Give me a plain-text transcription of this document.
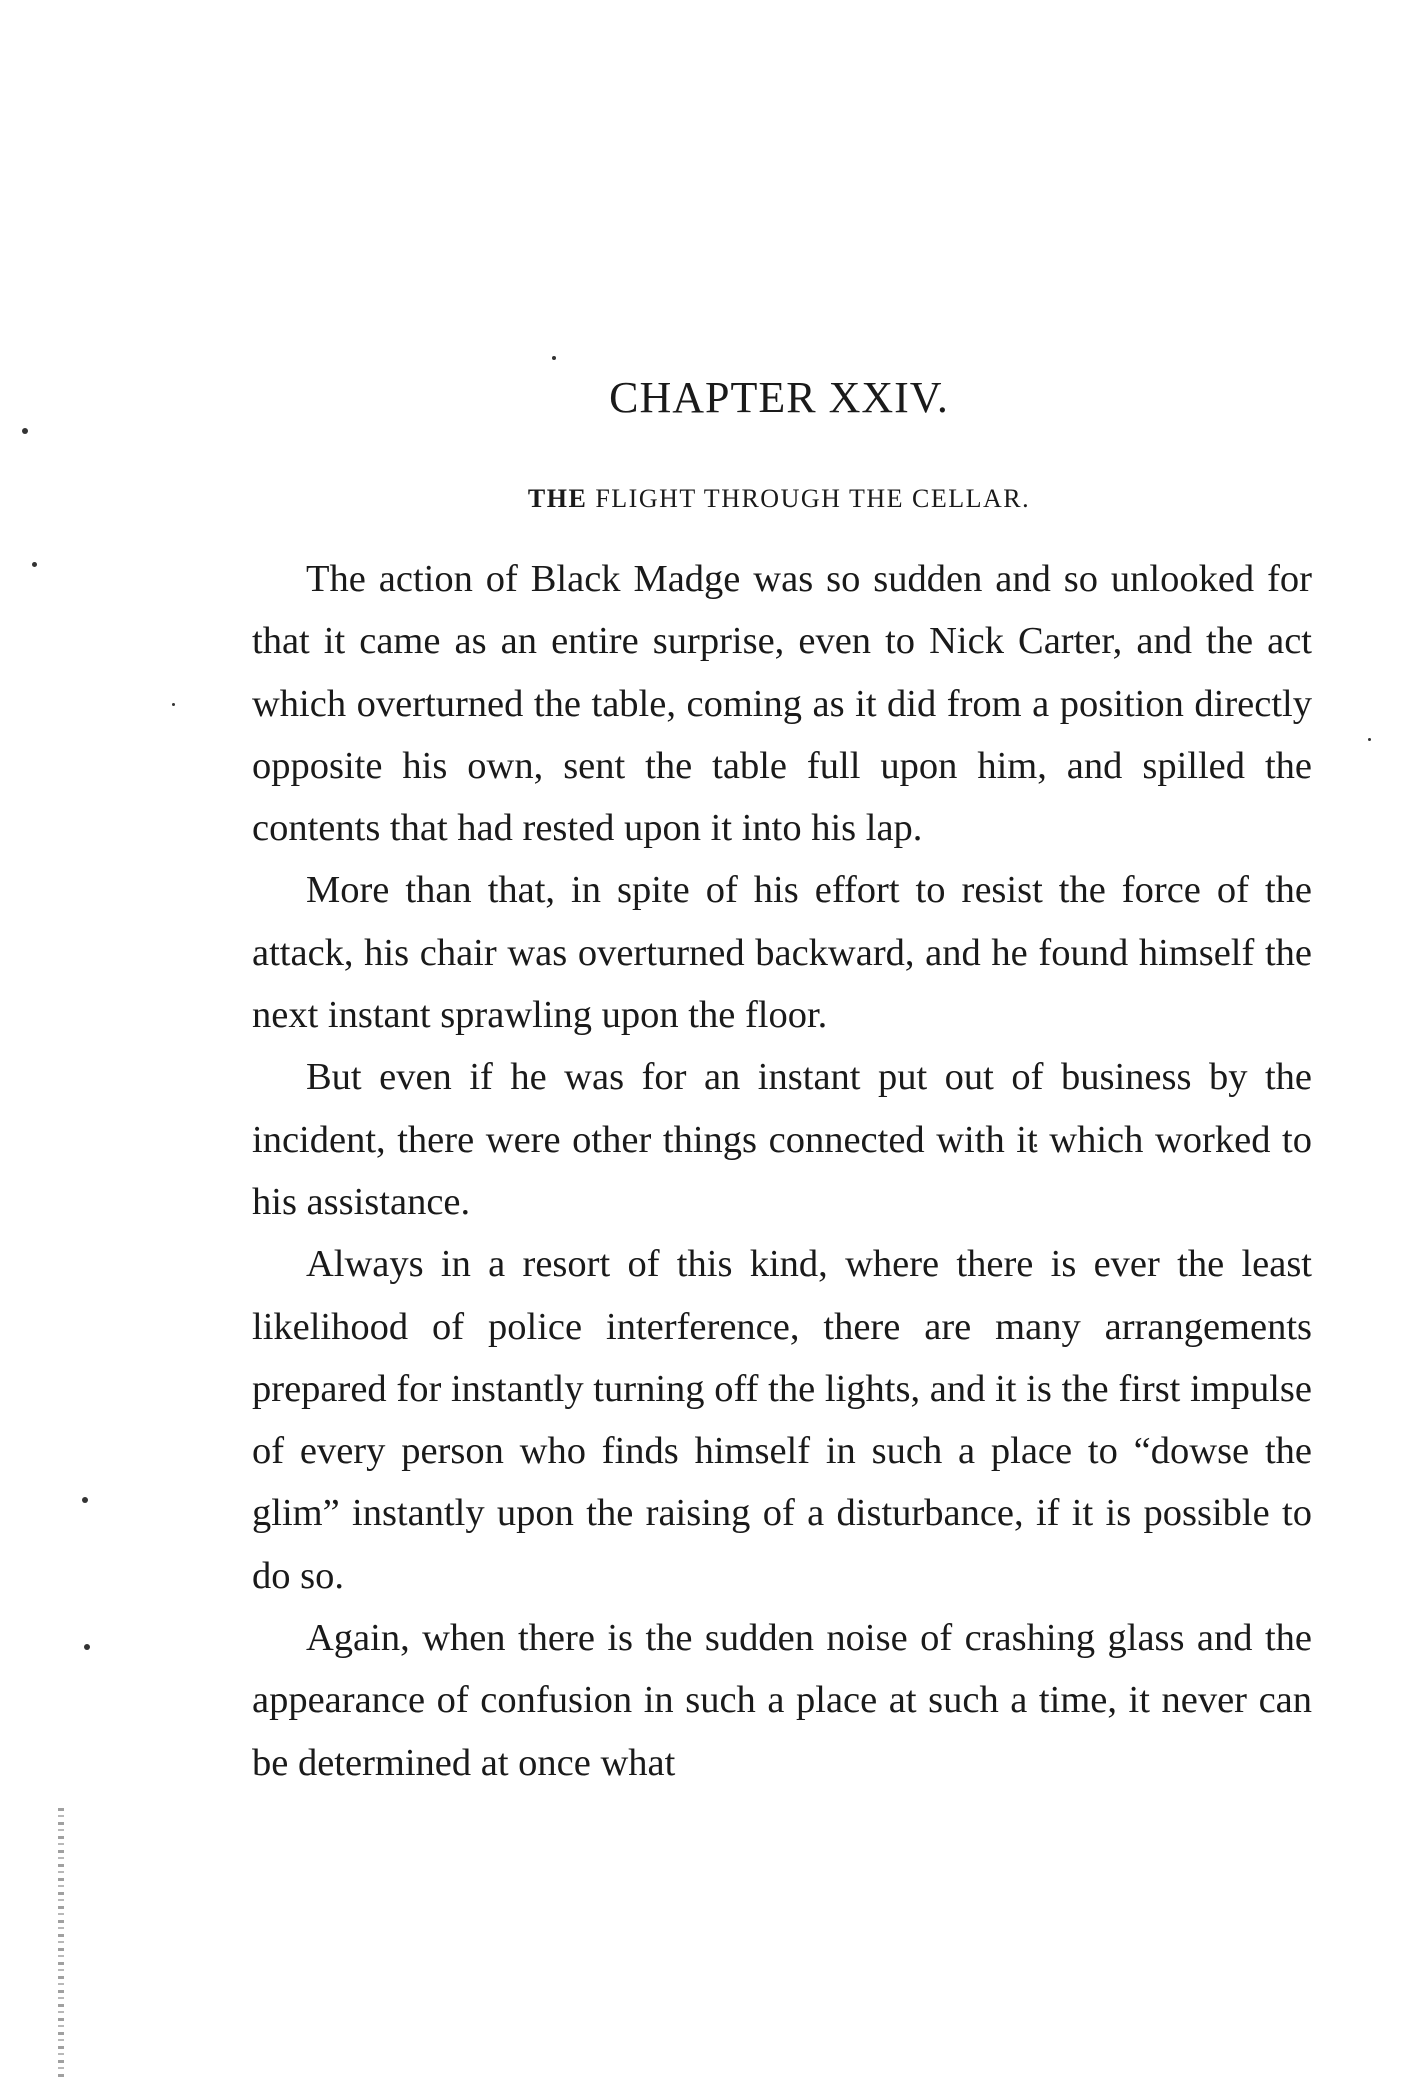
CHAPTER XXIV.
THE FLIGHT THROUGH THE CELLAR.

The action of Black Madge was so sudden and so unlooked for that it came as an entire surprise, even to Nick Carter, and the act which overturned the table, coming as it did from a position directly opposite his own, sent the table full upon him, and spilled the contents that had rested upon it into his lap.

More than that, in spite of his effort to resist the force of the attack, his chair was overturned backward, and he found himself the next instant sprawling upon the floor.

But even if he was for an instant put out of business by the incident, there were other things connected with it which worked to his assistance.

Always in a resort of this kind, where there is ever the least likelihood of police interference, there are many arrangements prepared for instantly turning off the lights, and it is the first impulse of every person who finds himself in such a place to “dowse the glim” instantly upon the raising of a disturbance, if it is possible to do so.

Again, when there is the sudden noise of crashing glass and the appearance of confusion in such a place at such a time, it never can be determined at once what
